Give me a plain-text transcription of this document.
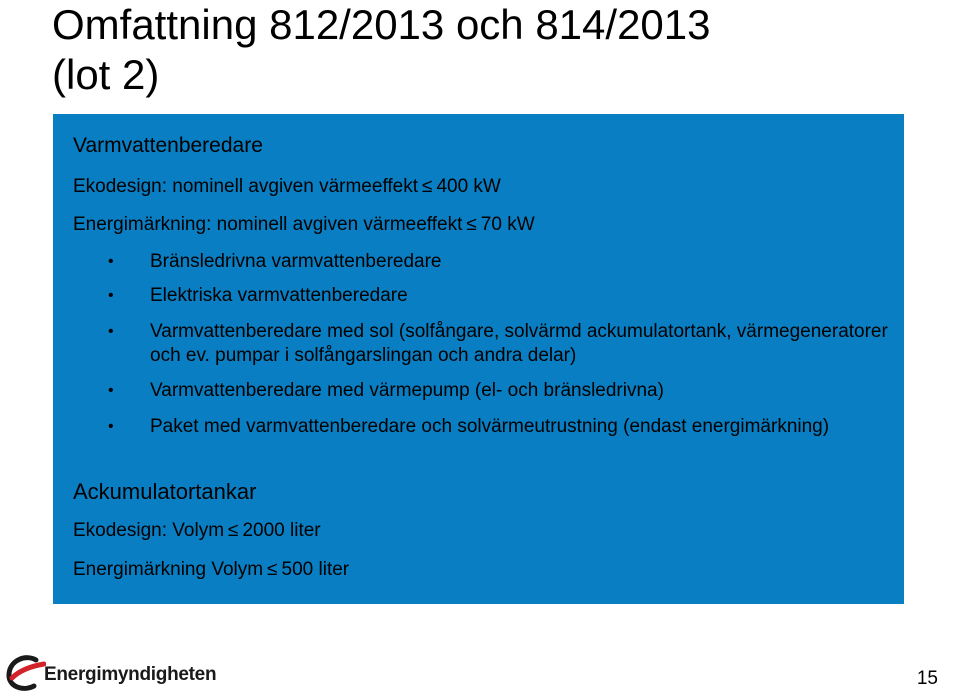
Omfattning 812/2013 och 814/2013
(lot 2)
Varmvattenberedare
Ekodesign: nominell avgiven värmeeffekt ≤ 400 kW
Energimärkning: nominell avgiven värmeeffekt ≤ 70 kW
• Bränsledrivna varmvattenberedare
• Elektriska varmvattenberedare
• Varmvattenberedare med sol (solfångare, solvärmd ackumulatortank, värmegeneratorer och ev. pumpar i solfångarslingan och andra delar)
• Varmvattenberedare med värmepump (el- och bränsledrivna)
• Paket med varmvattenberedare och solvärmeutrustning (endast energimärkning)
Ackumulatortankar
Ekodesign: Volym ≤ 2000 liter
Energimärkning Volym ≤ 500 liter
Energimyndigheten	15
